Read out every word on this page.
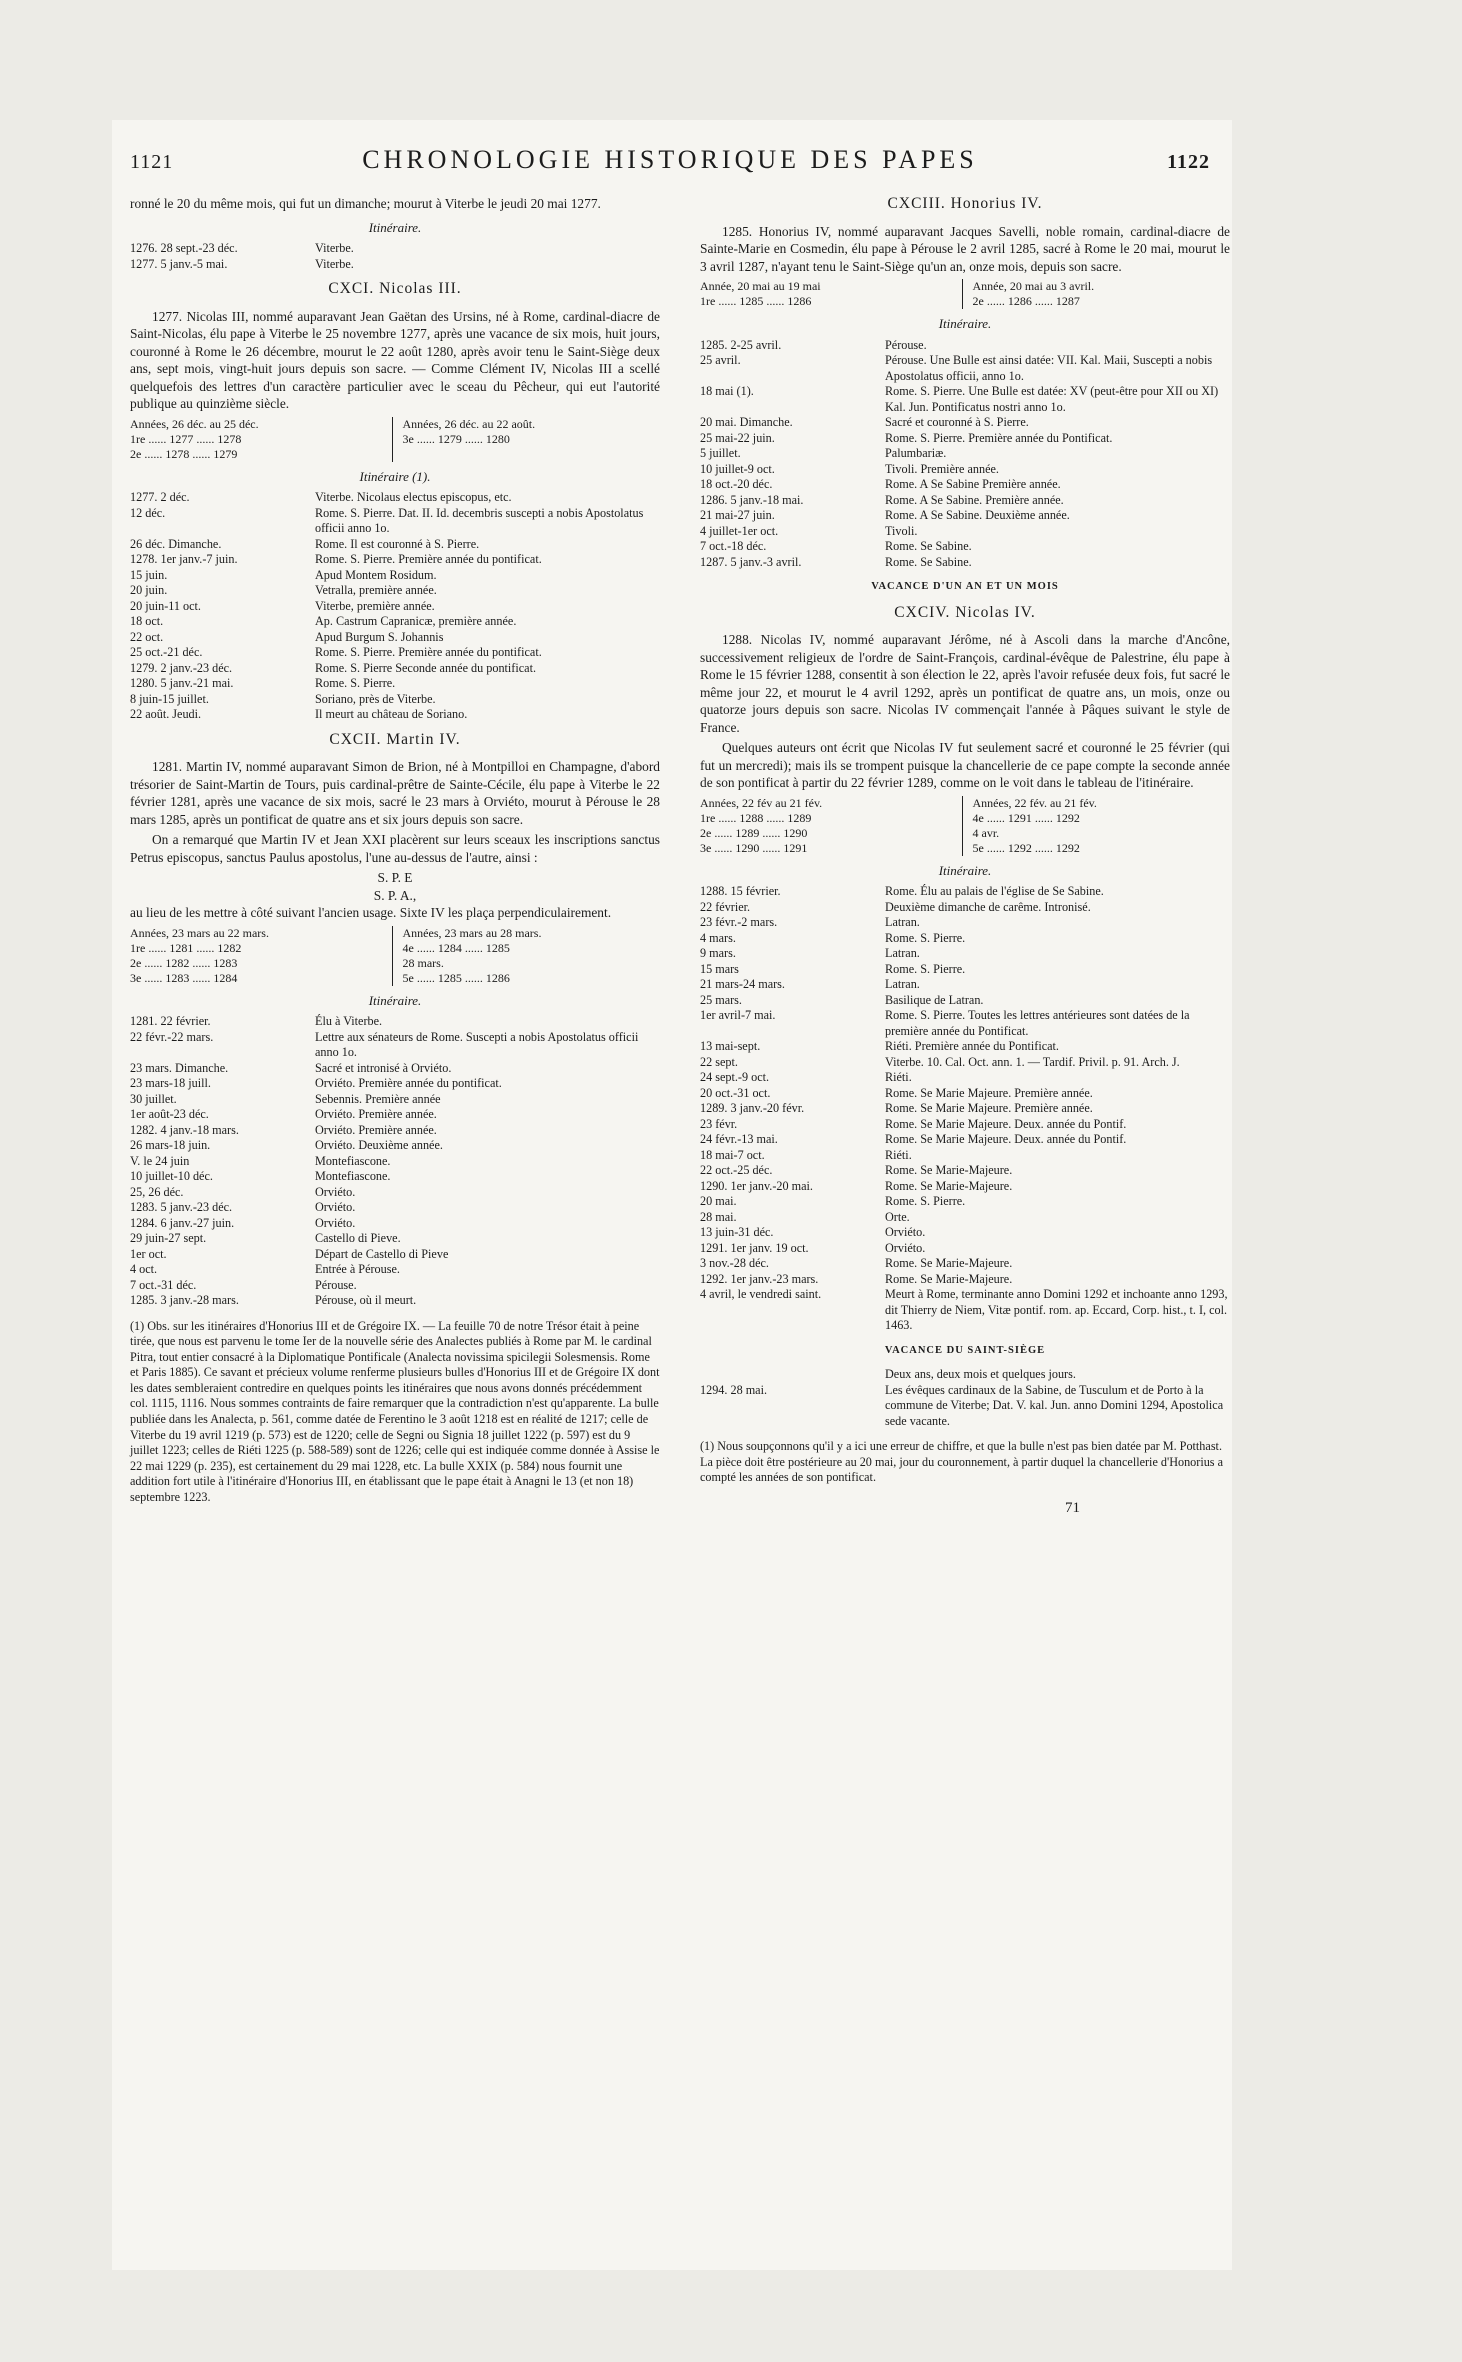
1121	CHRONOLOGIE HISTORIQUE DES PAPES	1122

ronné le 20 du même mois, qui fut un dimanche; mourut à Viterbe le jeudi 20 mai 1277.

Itinéraire.
1276. 28 sept.-23 déc.	Viterbe.
1277. 5 janv.-5 mai.	Viterbe.
CXCI. Nicolas III.

1277. Nicolas III, nommé auparavant Jean Gaëtan des Ursins, né à Rome, cardinal-diacre de Saint-Nicolas, élu pape à Viterbe le 25 novembre 1277, après une vacance de six mois, huit jours, couronné à Rome le 26 décembre, mourut le 22 août 1280, après avoir tenu le Saint-Siège deux ans, sept mois, vingt-huit jours depuis son sacre. — Comme Clément IV, Nicolas III a scellé quelquefois des lettres d'un caractère particulier avec le sceau du Pêcheur, qui eut l'autorité publique au quinzième siècle.

Années, 26 déc. au 25 déc.
1re ...... 1277 ...... 1278
2e ...... 1278 ...... 1279
Années, 26 déc. au 22 août.
3e ...... 1279 ...... 1280
Itinéraire (1).
1277. 2 déc.	Viterbe. Nicolaus electus episcopus, etc.
12 déc.	Rome. S. Pierre. Dat. II. Id. decembris suscepti a nobis Apostolatus officii anno 1o.
26 déc. Dimanche.	Rome. Il est couronné à S. Pierre.
1278. 1er janv.-7 juin.	Rome. S. Pierre. Première année du pontificat.
15 juin.	Apud Montem Rosidum.
20 juin.	Vetralla, première année.
20 juin-11 oct.	Viterbe, première année.
18 oct.	Ap. Castrum Capranicæ, première année.
22 oct.	Apud Burgum S. Johannis
25 oct.-21 déc.	Rome. S. Pierre. Première année du pontificat.
1279. 2 janv.-23 déc.	Rome. S. Pierre Seconde année du pontificat.
1280. 5 janv.-21 mai.	Rome. S. Pierre.
8 juin-15 juillet.	Soriano, près de Viterbe.
22 août. Jeudi.	Il meurt au château de Soriano.
CXCII. Martin IV.

1281. Martin IV, nommé auparavant Simon de Brion, né à Montpilloi en Champagne, d'abord trésorier de Saint-Martin de Tours, puis cardinal-prêtre de Sainte-Cécile, élu pape à Viterbe le 22 février 1281, après une vacance de six mois, sacré le 23 mars à Orviéto, mourut à Pérouse le 28 mars 1285, après un pontificat de quatre ans et six jours depuis son sacre.

On a remarqué que Martin IV et Jean XXI placèrent sur leurs sceaux les inscriptions sanctus Petrus episcopus, sanctus Paulus apostolus, l'une au-dessus de l'autre, ainsi :

S. P. E
S. P. A.,

au lieu de les mettre à côté suivant l'ancien usage. Sixte IV les plaça perpendiculairement.

Années, 23 mars au 22 mars.
1re ...... 1281 ...... 1282
2e ...... 1282 ...... 1283
3e ...... 1283 ...... 1284
Années, 23 mars au 28 mars.
4e ...... 1284 ...... 1285
28 mars.
5e ...... 1285 ...... 1286
Itinéraire.
1281. 22 février.	Élu à Viterbe.
22 févr.-22 mars.	Lettre aux sénateurs de Rome. Suscepti a nobis Apostolatus officii anno 1o.
23 mars. Dimanche.	Sacré et intronisé à Orviéto.
23 mars-18 juill.	Orviéto. Première année du pontificat.
30 juillet.	Sebennis. Première année
1er août-23 déc.	Orviéto. Première année.
1282. 4 janv.-18 mars.	Orviéto. Première année.
26 mars-18 juin.	Orviéto. Deuxième année.
V. le 24 juin	Montefiascone.
10 juillet-10 déc.	Montefiascone.
25, 26 déc.	Orviéto.
1283. 5 janv.-23 déc.	Orviéto.
1284. 6 janv.-27 juin.	Orviéto.
29 juin-27 sept.	Castello di Pieve.
1er oct.	Départ de Castello di Pieve
4 oct.	Entrée à Pérouse.
7 oct.-31 déc.	Pérouse.
1285. 3 janv.-28 mars.	Pérouse, où il meurt.
(1) Obs. sur les itinéraires d'Honorius III et de Grégoire IX. — La feuille 70 de notre Trésor était à peine tirée, que nous est parvenu le tome Ier de la nouvelle série des Analectes publiés à Rome par M. le cardinal Pitra, tout entier consacré à la Diplomatique Pontificale (Analecta novissima spicilegii Solesmensis. Rome et Paris 1885). Ce savant et précieux volume renferme plusieurs bulles d'Honorius III et de Grégoire IX dont les dates sembleraient contredire en quelques points les itinéraires que nous avons donnés précédemment col. 1115, 1116. Nous sommes contraints de faire remarquer que la contradiction n'est qu'apparente. La bulle publiée dans les Analecta, p. 561, comme datée de Ferentino le 3 août 1218 est en réalité de 1217; celle de Viterbe du 19 avril 1219 (p. 573) est de 1220; celle de Segni ou Signia 18 juillet 1222 (p. 597) est du 9 juillet 1223; celles de Riéti 1225 (p. 588-589) sont de 1226; celle qui est indiquée comme donnée à Assise le 22 mai 1229 (p. 235), est certainement du 29 mai 1228, etc. La bulle XXIX (p. 584) nous fournit une addition fort utile à l'itinéraire d'Honorius III, en établissant que le pape était à Anagni le 13 (et non 18) septembre 1223.
CXCIII. Honorius IV.

1285. Honorius IV, nommé auparavant Jacques Savelli, noble romain, cardinal-diacre de Sainte-Marie en Cosmedin, élu pape à Pérouse le 2 avril 1285, sacré à Rome le 20 mai, mourut le 3 avril 1287, n'ayant tenu le Saint-Siège qu'un an, onze mois, depuis son sacre.

Année, 20 mai au 19 mai
1re ...... 1285 ...... 1286
Année, 20 mai au 3 avril.
2e ...... 1286 ...... 1287
Itinéraire.
1285. 2-25 avril.	Pérouse.
25 avril.	Pérouse. Une Bulle est ainsi datée: VII. Kal. Maii, Suscepti a nobis Apostolatus officii, anno 1o.
18 mai (1).	Rome. S. Pierre. Une Bulle est datée: XV (peut-être pour XII ou XI) Kal. Jun. Pontificatus nostri anno 1o.
20 mai. Dimanche.	Sacré et couronné à S. Pierre.
25 mai-22 juin.	Rome. S. Pierre. Première année du Pontificat.
5 juillet.	Palumbariæ.
10 juillet-9 oct.	Tivoli. Première année.
18 oct.-20 déc.	Rome. A Se Sabine Première année.
1286. 5 janv.-18 mai.	Rome. A Se Sabine. Première année.
21 mai-27 juin.	Rome. A Se Sabine. Deuxième année.
4 juillet-1er oct.	Tivoli.
7 oct.-18 déc.	Rome. Se Sabine.
1287. 5 janv.-3 avril.	Rome. Se Sabine.
VACANCE D'UN AN ET UN MOIS
CXCIV. Nicolas IV.

1288. Nicolas IV, nommé auparavant Jérôme, né à Ascoli dans la marche d'Ancône, successivement religieux de l'ordre de Saint-François, cardinal-évêque de Palestrine, élu pape à Rome le 15 février 1288, consentit à son élection le 22, après l'avoir refusée deux fois, fut sacré le même jour 22, et mourut le 4 avril 1292, après un pontificat de quatre ans, un mois, onze ou quatorze jours depuis son sacre. Nicolas IV commençait l'année à Pâques suivant le style de France.

Quelques auteurs ont écrit que Nicolas IV fut seulement sacré et couronné le 25 février (qui fut un mercredi); mais ils se trompent puisque la chancellerie de ce pape compte la seconde année de son pontificat à partir du 22 février 1289, comme on le voit dans le tableau de l'itinéraire.

Années, 22 fév au 21 fév.
1re ...... 1288 ...... 1289
2e ...... 1289 ...... 1290
3e ...... 1290 ...... 1291
Années, 22 fév. au 21 fév.
4e ...... 1291 ...... 1292
4 avr.
5e ...... 1292 ...... 1292
Itinéraire.
1288. 15 février.	Rome. Élu au palais de l'église de Se Sabine.
22 février.	Deuxième dimanche de carême. Intronisé.
23 févr.-2 mars.	Latran.
4 mars.	Rome. S. Pierre.
9 mars.	Latran.
15 mars	Rome. S. Pierre.
21 mars-24 mars.	Latran.
25 mars.	Basilique de Latran.
1er avril-7 mai.	Rome. S. Pierre. Toutes les lettres antérieures sont datées de la première année du Pontificat.
13 mai-sept.	Riéti. Première année du Pontificat.
22 sept.	Viterbe. 10. Cal. Oct. ann. 1. — Tardif. Privil. p. 91. Arch. J.
24 sept.-9 oct.	Riéti.
20 oct.-31 oct.	Rome. Se Marie Majeure. Première année.
1289. 3 janv.-20 févr.	Rome. Se Marie Majeure. Première année.
23 févr.	Rome. Se Marie Majeure. Deux. année du Pontif.
24 févr.-13 mai.	Rome. Se Marie Majeure. Deux. année du Pontif.
18 mai-7 oct.	Riéti.
22 oct.-25 déc.	Rome. Se Marie-Majeure.
1290. 1er janv.-20 mai.	Rome. Se Marie-Majeure.
20 mai.	Rome. S. Pierre.
28 mai.	Orte.
13 juin-31 déc.	Orviéto.
1291. 1er janv. 19 oct.	Orviéto.
3 nov.-28 déc.	Rome. Se Marie-Majeure.
1292. 1er janv.-23 mars.	Rome. Se Marie-Majeure.
4 avril, le vendredi saint.	Meurt à Rome, terminante anno Domini 1292 et inchoante anno 1293, dit Thierry de Niem, Vitæ pontif. rom. ap. Eccard, Corp. hist., t. I, col. 1463.
VACANCE DU SAINT-SIÈGE
Deux ans, deux mois et quelques jours.
1294. 28 mai.	Les évêques cardinaux de la Sabine, de Tusculum et de Porto à la commune de Viterbe; Dat. V. kal. Jun. anno Domini 1294, Apostolica sede vacante.
(1) Nous soupçonnons qu'il y a ici une erreur de chiffre, et que la bulle n'est pas bien datée par M. Potthast. La pièce doit être postérieure au 20 mai, jour du couronnement, à partir duquel la chancellerie d'Honorius a compté les années de son pontificat.
71
